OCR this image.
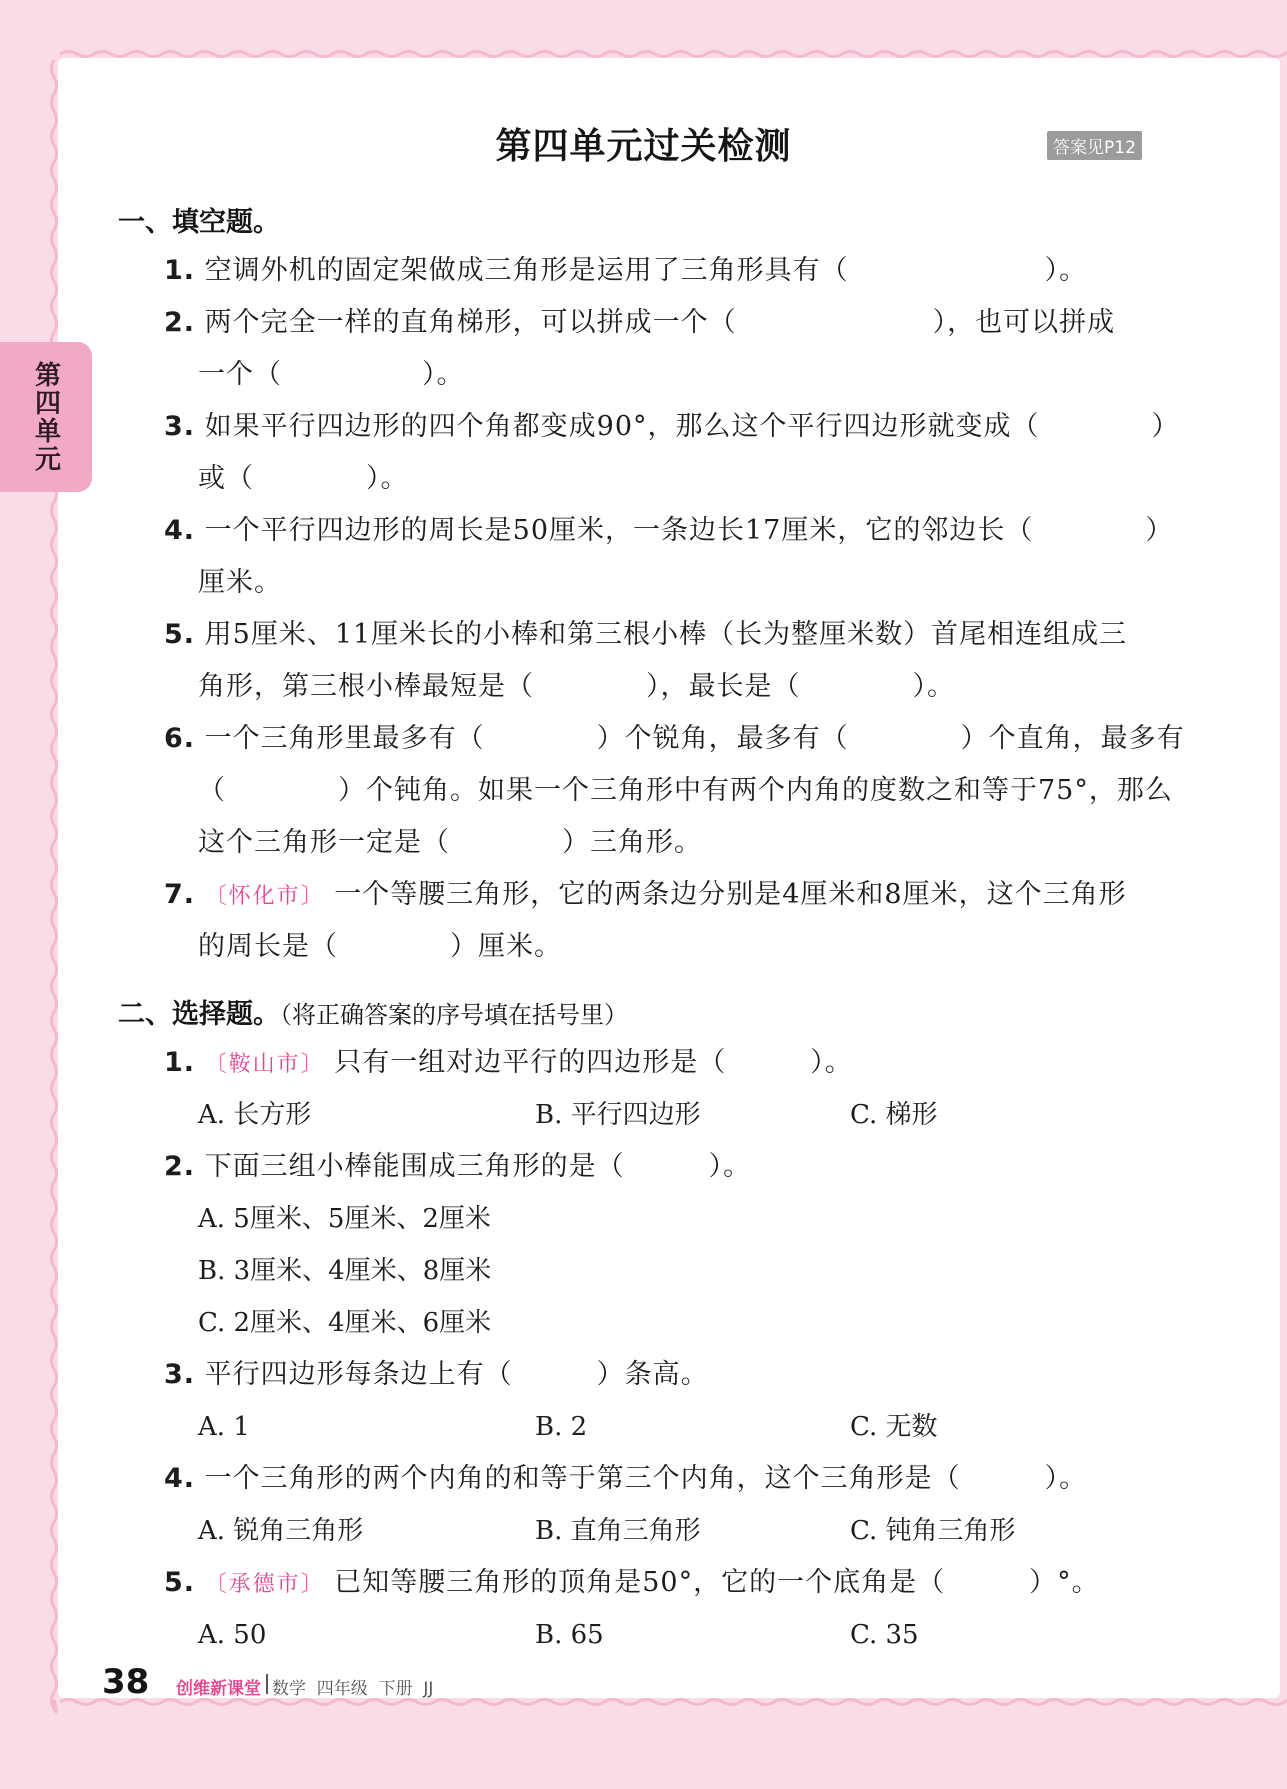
第四单元
第四单元过关检测	答案见P12
一、填空题。
1. 空调外机的固定架做成三角形是运用了三角形具有（　　　　　　　）。
2. 两个完全一样的直角梯形，可以拼成一个（　　　　　　　），也可以拼成
一个（　　　　　）。
3. 如果平行四边形的四个角都变成90°，那么这个平行四边形就变成（　　　　）
或（　　　　）。
4. 一个平行四边形的周长是50厘米，一条边长17厘米，它的邻边长（　　　　）
厘米。
5. 用5厘米、11厘米长的小棒和第三根小棒（长为整厘米数）首尾相连组成三
角形，第三根小棒最短是（　　　　），最长是（　　　　）。
6. 一个三角形里最多有（　　　　）个锐角，最多有（　　　　）个直角，最多有
（　　　　）个钝角。如果一个三角形中有两个内角的度数之和等于75°，那么
这个三角形一定是（　　　　）三角形。
7. 〔怀化市〕 一个等腰三角形，它的两条边分别是4厘米和8厘米，这个三角形
的周长是（　　　　）厘米。
二、选择题。（将正确答案的序号填在括号里）
1. 〔鞍山市〕 只有一组对边平行的四边形是（　　　）。
A. 长方形	B. 平行四边形	C. 梯形
2. 下面三组小棒能围成三角形的是（　　　）。
A. 5厘米、5厘米、2厘米
B. 3厘米、4厘米、8厘米
C. 2厘米、4厘米、6厘米
3. 平行四边形每条边上有（　　　）条高。
A. 1	B. 2	C. 无数
4. 一个三角形的两个内角的和等于第三个内角，这个三角形是（　　　）。
A. 锐角三角形	B. 直角三角形	C. 钝角三角形
5. 〔承德市〕 已知等腰三角形的顶角是50°，它的一个底角是（　　　）°。
A. 50	B. 65	C. 35
38 创维新课堂 数学  四年级  下册  JJ
